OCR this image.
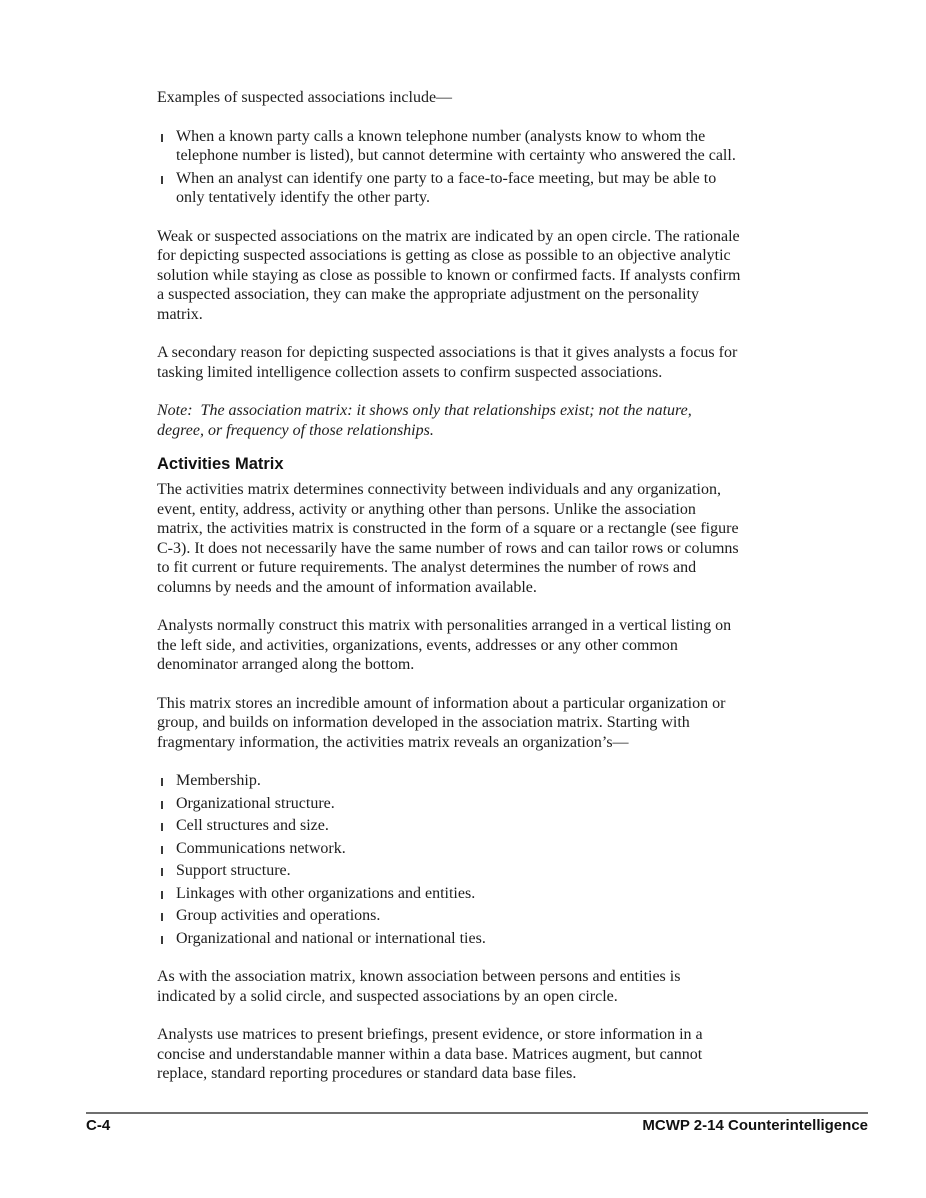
Examples of suspected associations include—

When a known party calls a known telephone number (analysts know to whom the telephone number is listed), but cannot determine with certainty who answered the call.
When an analyst can identify one party to a face-to-face meeting, but may be able to only tentatively identify the other party.

Weak or suspected associations on the matrix are indicated by an open circle. The rationale for depicting suspected associations is getting as close as possible to an objective analytic solution while staying as close as possible to known or confirmed facts. If analysts confirm a suspected association, they can make the appropriate adjustment on the personality matrix.

A secondary reason for depicting suspected associations is that it gives analysts a focus for tasking limited intelligence collection assets to confirm suspected associations.

Note:  The association matrix: it shows only that relationships exist; not the nature, degree, or frequency of those relationships.

Activities Matrix

The activities matrix determines connectivity between individuals and any organization, event, entity, address, activity or anything other than persons. Unlike the association matrix, the activities matrix is constructed in the form of a square or a rectangle (see figure C-3). It does not necessarily have the same number of rows and can tailor rows or columns to fit current or future requirements. The analyst determines the number of rows and columns by needs and the amount of information available.

Analysts normally construct this matrix with personalities arranged in a vertical listing on the left side, and activities, organizations, events, addresses or any other common denominator arranged along the bottom.

This matrix stores an incredible amount of information about a particular organization or group, and builds on information developed in the association matrix. Starting with fragmentary information, the activities matrix reveals an organization’s—

Membership.
Organizational structure.
Cell structures and size.
Communications network.
Support structure.
Linkages with other organizations and entities.
Group activities and operations.
Organizational and national or international ties.

As with the association matrix, known association between persons and entities is indicated by a solid circle, and suspected associations by an open circle.

Analysts use matrices to present briefings, present evidence, or store information in a concise and understandable manner within a data base. Matrices augment, but cannot replace, standard reporting procedures or standard data base files.

C-4	MCWP 2-14 Counterintelligence
